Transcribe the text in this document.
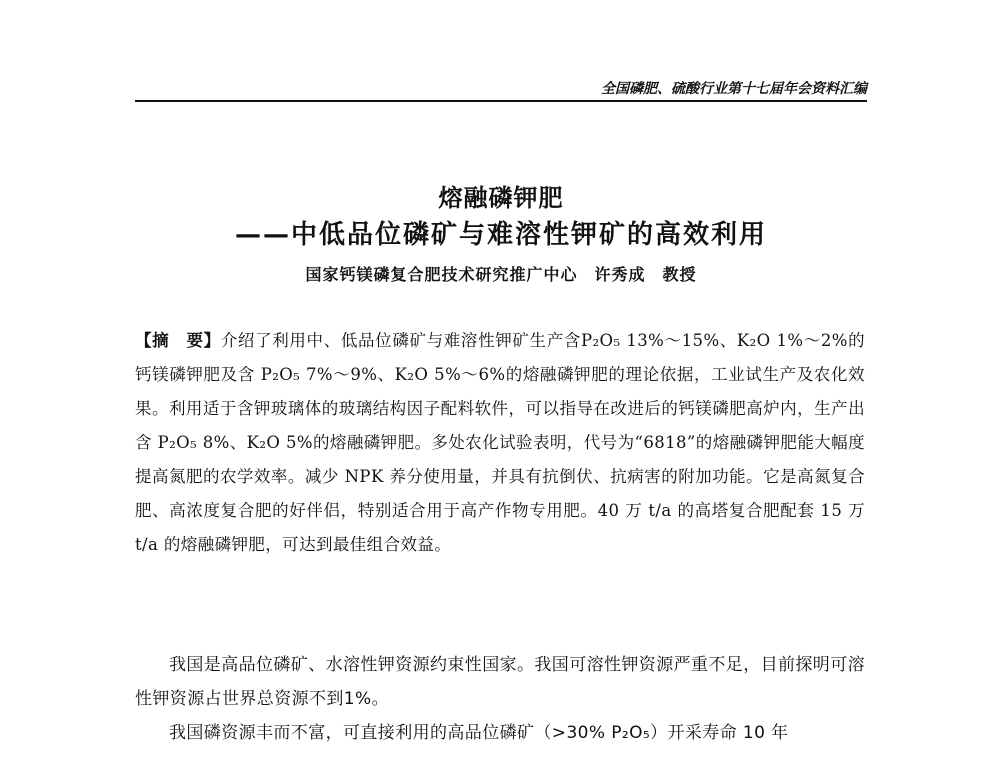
全国磷肥、硫酸行业第十七届年会资料汇编
熔融磷钾肥
——中低品位磷矿与难溶性钾矿的高效利用
国家钙镁磷复合肥技术研究推广中心　许秀成　教授
【摘　要】介绍了利用中、低品位磷矿与难溶性钾矿生产含P₂O₅ 13%～15%、K₂O 1%～2%的钙镁磷钾肥及含 P₂O₅ 7%～9%、K₂O 5%～6%的熔融磷钾肥的理论依据，工业试生产及农化效果。利用适于含钾玻璃体的玻璃结构因子配料软件，可以指导在改进后的钙镁磷肥高炉内，生产出含 P₂O₅ 8%、K₂O 5%的熔融磷钾肥。多处农化试验表明，代号为“6818”的熔融磷钾肥能大幅度提高氮肥的农学效率。减少 NPK 养分使用量，并具有抗倒伏、抗病害的附加功能。它是高氮复合肥、高浓度复合肥的好伴侣，特别适合用于高产作物专用肥。40 万 t/a 的高塔复合肥配套 15 万 t/a 的熔融磷钾肥，可达到最佳组合效益。

我国是高品位磷矿、水溶性钾资源约束性国家。我国可溶性钾资源严重不足，目前探明可溶性钾资源占世界总资源不到1%。

我国磷资源丰而不富，可直接利用的高品位磷矿（>30% P₂O₅）开采寿命 10 年
